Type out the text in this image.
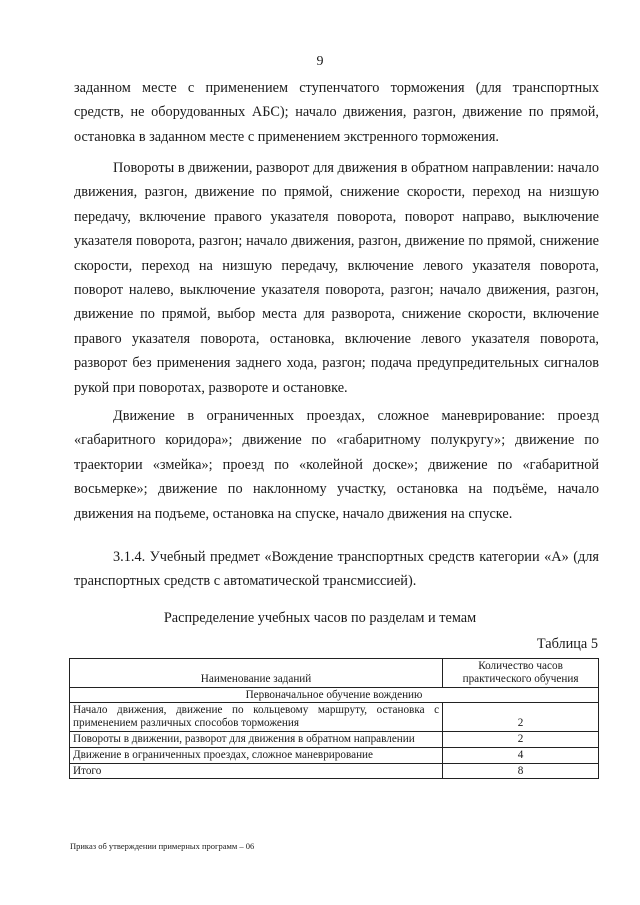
9
заданном месте с применением ступенчатого торможения (для транспортных средств, не оборудованных АБС); начало движения, разгон, движение по прямой, остановка в заданном месте с применением экстренного торможения.
Повороты в движении, разворот для движения в обратном направлении: начало движения, разгон, движение по прямой, снижение скорости, переход на низшую передачу, включение правого указателя поворота, поворот направо, выключение указателя поворота, разгон; начало движения, разгон, движение по прямой, снижение скорости, переход на низшую передачу, включение левого указателя поворота, поворот налево, выключение указателя поворота, разгон; начало движения, разгон, движение по прямой, выбор места для разворота, снижение скорости, включение правого указателя поворота, остановка, включение левого указателя поворота, разворот без применения заднего хода, разгон; подача предупредительных сигналов рукой при поворотах, развороте и остановке.
Движение в ограниченных проездах, сложное маневрирование: проезд «габаритного коридора»; движение по «габаритному полукругу»; движение по траектории «змейка»; проезд по «колейной доске»; движение по «габаритной восьмерке»; движение по наклонному участку, остановка на подъёме, начало движения на подъеме, остановка на спуске, начало движения на спуске.
3.1.4. Учебный предмет «Вождение транспортных средств категории «А» (для транспортных средств с автоматической трансмиссией).
Распределение учебных часов по разделам и темам
Таблица 5
Наименование заданий	Количество часов практического обучения
Первоначальное обучение вождению	
Начало движения, движение по кольцевому маршруту, остановка с применением различных способов торможения	2
Повороты в движении, разворот для движения в обратном направлении	2
Движение в ограниченных проездах, сложное маневрирование	4
Итого	8
Приказ об утверждении примерных программ – 06
